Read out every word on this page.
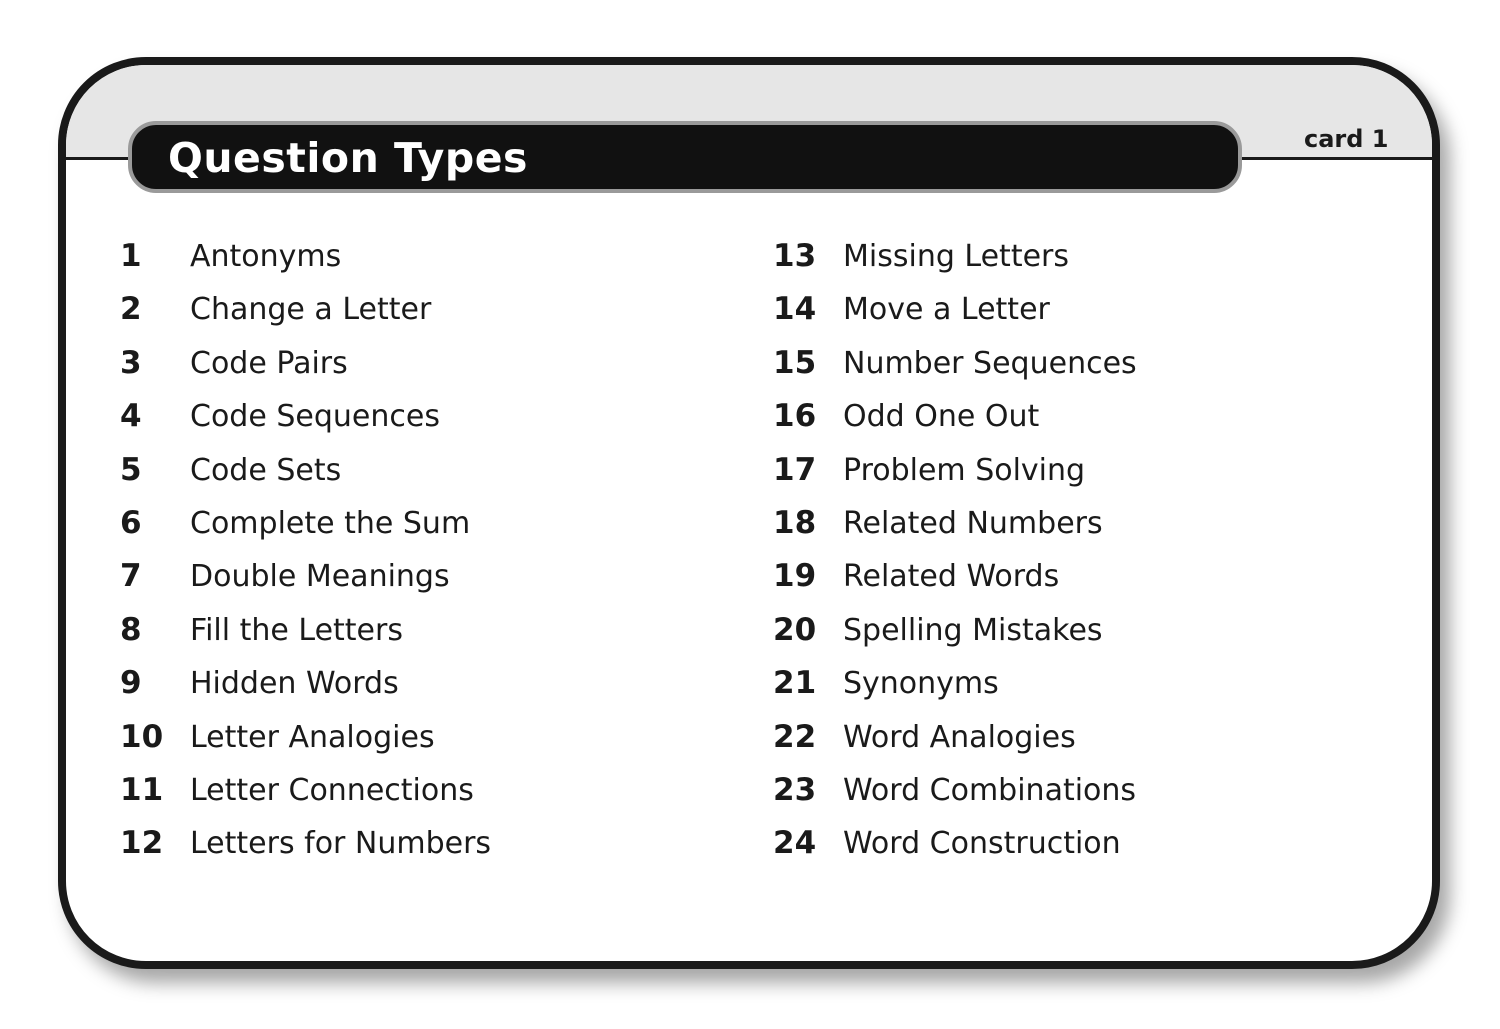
Question Types	card 1
1 Antonyms
2 Change a Letter
3 Code Pairs
4 Code Sequences
5 Code Sets
6 Complete the Sum
7 Double Meanings
8 Fill the Letters
9 Hidden Words
10 Letter Analogies
11 Letter Connections
12 Letters for Numbers
13 Missing Letters
14 Move a Letter
15 Number Sequences
16 Odd One Out
17 Problem Solving
18 Related Numbers
19 Related Words
20 Spelling Mistakes
21 Synonyms
22 Word Analogies
23 Word Combinations
24 Word Construction
